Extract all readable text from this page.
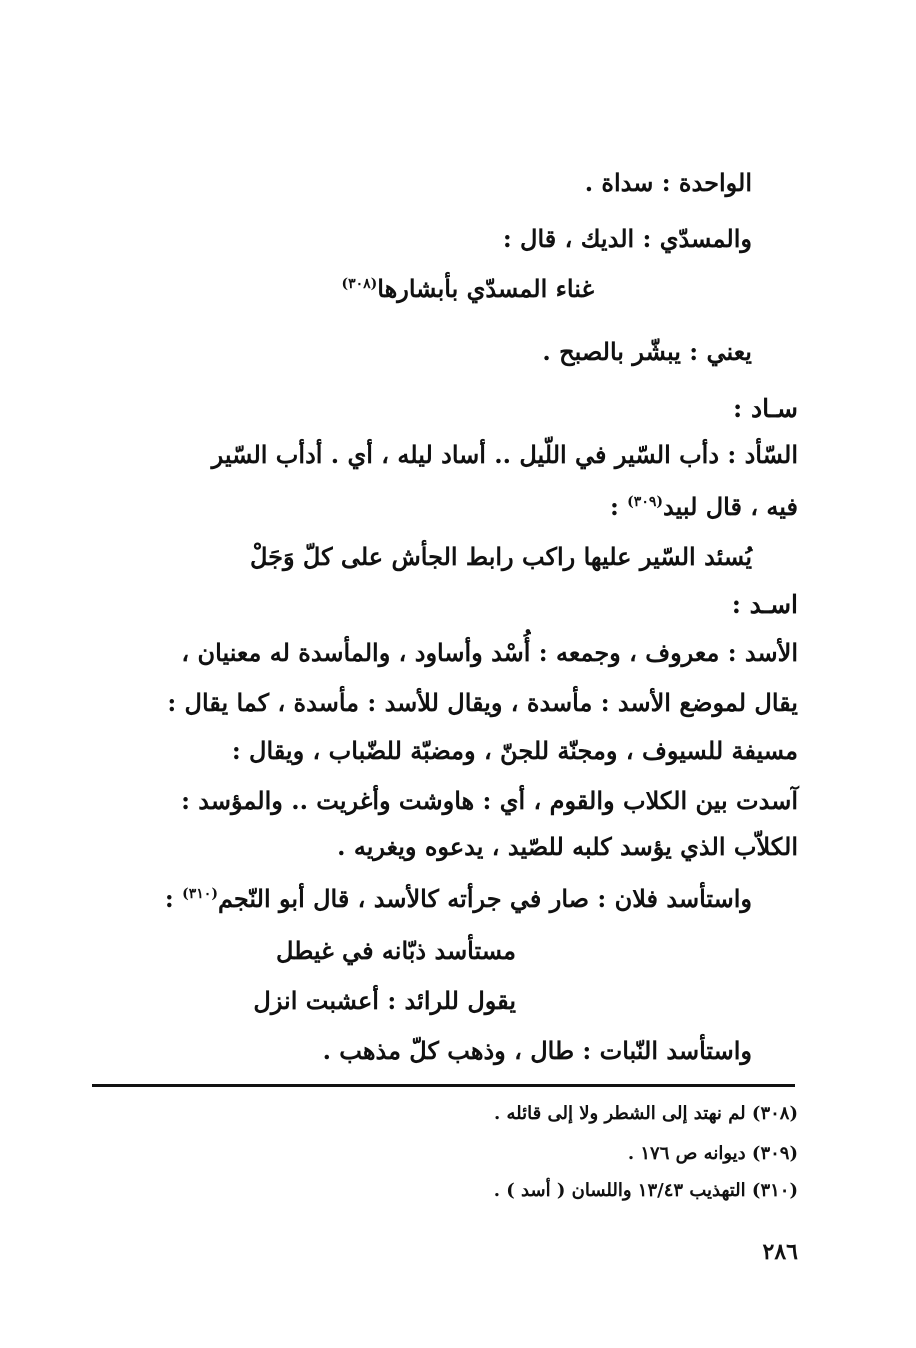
الواحدة : سداة .
والمسدّي : الديك ، قال :
غناء المسدّي بأبشارها$^{(٣٠٨)}$
يعني : يبشّر بالصبح .
سـاد :
السّأد : دأب السّير في اللّيل .. أساد ليله ، أي . أدأب السّير
فيه ، قال لبيد$^{(٣٠٩)}$ :
يُسئد السّير عليها راكب رابط الجأش على كلّ وَجَلْ
اسـد :
الأسد : معروف ، وجمعه : أُسْد وأساود ، والمأسدة له معنيان ،
يقال لموضع الأسد : مأسدة ، ويقال للأسد : مأسدة ، كما يقال :
مسيفة للسيوف ، ومجنّة للجنّ ، ومضبّة للضّباب ، ويقال :
آسدت بين الكلاب والقوم ، أي : هاوشت وأغريت .. والمؤسد :
الكلاّب الذي يؤسد كلبه للصّيد ، يدعوه ويغريه .
واستأسد فلان : صار في جرأته كالأسد ، قال أبو النّجم$^{(٣١٠)}$ :
مستأسد ذبّانه في غيطل
يقول للرائد : أعشبت انزل
واستأسد النّبات : طال ، وذهب كلّ مذهب .
(٣٠٨) لم نهتد إلى الشطر ولا إلى قائله .
(٣٠٩) ديوانه ص ١٧٦ .
(٣١٠) التهذيب ١٣/٤٣ واللسان ( أسد ) .
٢٨٦
